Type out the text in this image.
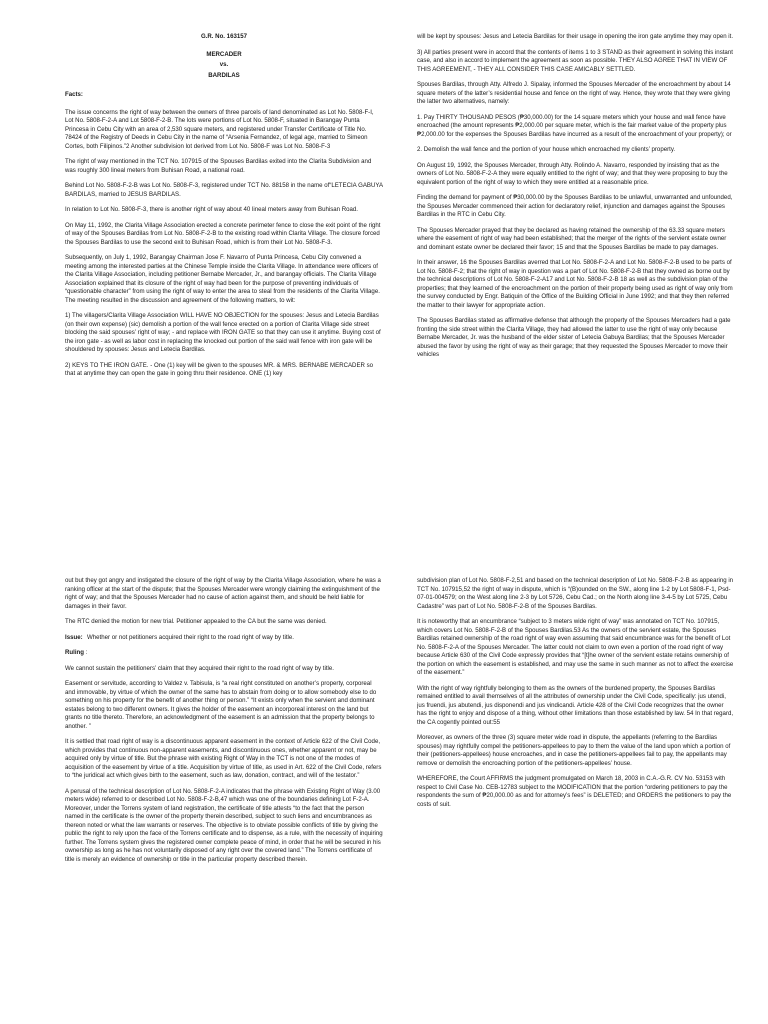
G.R. No. 163157
MERCADER
vs.
BARDILAS

Facts:

The issue concerns the right of way between the owners of three parcels of land denominated as Lot No. 5808-F-I, Lot No. 5808-F-2-A and Lot 5808-F-2-B. The lots were portions of Lot No. 5808-F, situated in Barangay Punta Princesa in Cebu City with an area of 2,530 square meters, and registered under Transfer Certificate of Title No. 78424 of the Registry of Deeds in Cebu City in the name of “Arsenia Fernandez, of legal age, married to Simeon Cortes, both Filipinos.”2 Another subdivision lot derived from Lot No. 5808-F was Lot No. 5808-F-3

The right of way mentioned in the TCT No. 107915 of the Spouses Bardilas exited into the Clarita Subdivision and was roughly 300 lineal meters from Buhisan Road, a national road.

Behind Lot No. 5808-F-2-B was Lot No. 5808-F-3, registered under TCT No. 88158 in the name of“LETECIA GABUYA BARDILAS, married to JESUS BARDILAS.

In relation to Lot No. 5808-F-3, there is another right of way about 40 lineal meters away from Buhisan Road.

On May 11, 1992, the Clarita Village Association erected a concrete perimeter fence to close the exit point of the right of way of the Spouses Bardilas from Lot No. 5808-F-2-B to the existing road within Clarita Village. The closure forced the Spouses Bardilas to use the second exit to Buhisan Road, which is from their Lot No. 5808-F-3.

Subsequently, on July 1, 1992, Barangay Chairman Jose F. Navarro of Punta Princesa, Cebu City convened a meeting among the interested parties at the Chinese Temple inside the Clarita Village. In attendance were officers of the Clarita Village Association, including petitioner Bernabe Mercader, Jr., and barangay officials. The Clarita Village Association explained that its closure of the right of way had been for the purpose of preventing individuals of “questionable character” from using the right of way to enter the area to steal from the residents of the Clarita Village. The meeting resulted in the discussion and agreement of the following matters, to wit:

1) The villagers/Clarita Village Association WILL HAVE NO OBJECTION for the spouses: Jesus and Letecia Bardilas (on their own expense) (sic) demolish a portion of the wall fence erected on a portion of Clarita Village side street blocking the said spouses’ right of way; - and replace with IRON GATE so that they can use it anytime. Buying cost of the iron gate - as well as labor cost in replacing the knocked out portion of the said wall fence with iron gate will be shouldered by spouses: Jesus and Letecia Bardilas.

2) KEYS TO THE IRON GATE. - One (1) key will be given to the spouses MR. & MRS. BERNABE MERCADER so that at anytime they can open the gate in going thru their residence. ONE (1) key

will be kept by spouses: Jesus and Letecia Bardilas for their usage in opening the iron gate anytime they may open it.

3) All parties present were in accord that the contents of items 1 to 3 STAND as their agreement in solving this instant case, and also in accord to implement the agreement as soon as possible. THEY ALSO AGREE THAT IN VIEW OF THIS AGREEMENT, - THEY ALL CONSIDER THIS CASE AMICABLY SETTLED.

Spouses Bardilas, through Atty. Alfredo J. Sipalay, informed the Spouses Mercader of the encroachment by about 14 square meters of the latter’s residential house and fence on the right of way. Hence, they wrote that they were giving the latter two alternatives, namely:

1. Pay THIRTY THOUSAND PESOS (₱30,000.00) for the 14 square meters which your house and wall fence have encroached (the amount represents ₱2,000.00 per square meter, which is the fair market value of the property plus ₱2,000.00 for the expenses the Spouses Bardilas have incurred as a result of the encroachment of your property); or

2. Demolish the wall fence and the portion of your house which encroached my clients’ property.

On August 19, 1992, the Spouses Mercader, through Atty. Rolindo A. Navarro, responded by insisting that as the owners of Lot No. 5808-F-2-A they were equally entitled to the right of way; and that they were proposing to buy the equivalent portion of the right of way to which they were entitled at a reasonable price.

Finding the demand for payment of ₱30,000.00 by the Spouses Bardilas to be unlawful, unwarranted and unfounded, the Spouses Mercader commenced their action for declaratory relief, injunction and damages against the Spouses Bardilas in the RTC in Cebu City.

The Spouses Mercader prayed that they be declared as having retained the ownership of the 63.33 square meters where the easement of right of way had been established; that the merger of the rights of the servient estate owner and dominant estate owner be declared their favor; 15 and that the Spouses Bardilas be made to pay damages.

In their answer, 16 the Spouses Bardilas averred that Lot No. 5808-F-2-A and Lot No. 5808-F-2-B used to be parts of Lot No. 5808-F-2; that the right of way in question was a part of Lot No. 5808-F-2-B that they owned as borne out by the technical descriptions of Lot No. 5808-F-2-A17 and Lot No. 5808-F-2-B 18 as well as the subdivision plan of the properties; that they learned of the encroachment on the portion of their property being used as right of way only from the survey conducted by Engr. Batiquin of the Office of the Building Official in June 1992; and that they then referred the matter to their lawyer for appropriate action.

The Spouses Bardilas stated as affirmative defense that although the property of the Spouses Mercaders had a gate fronting the side street within the Clarita Village, they had allowed the latter to use the right of way only because Bernabe Mercader, Jr. was the husband of the elder sister of Letecia Gabuya Bardilas; that the Spouses Mercader abused the favor by using the right of way as their garage; that they requested the Spouses Mercader to move their vehicles

out but they got angry and instigated the closure of the right of way by the Clarita Village Association, where he was a ranking officer at the start of the dispute; that the Spouses Mercader were wrongly claiming the extinguishment of the right of way; and that the Spouses Mercader had no cause of action against them, and should be held liable for damages in their favor.

The RTC denied the motion for new trial. Petitioner appealed to the CA but the same was denied.

Issue: Whether or not petitioners acquired their right to the road right of way by title.

Ruling :

We cannot sustain the petitioners’ claim that they acquired their right to the road right of way by title.

Easement or servitude, according to Valdez v. Tabisula, is “a real right constituted on another’s property, corporeal and immovable, by virtue of which the owner of the same has to abstain from doing or to allow somebody else to do something on his property for the benefit of another thing or person.” “It exists only when the servient and dominant estates belong to two different owners. It gives the holder of the easement an incorporeal interest on the land but grants no title thereto. Therefore, an acknowledgment of the easement is an admission that the property belongs to another. ”

It is settled that road right of way is a discontinuous apparent easement in the context of Article 622 of the Civil Code, which provides that continuous non-apparent easements, and discontinuous ones, whether apparent or not, may be acquired only by virtue of title. But the phrase with existing Right of Way in the TCT is not one of the modes of acquisition of the easement by virtue of a title. Acquisition by virtue of title, as used in Art. 622 of the Civil Code, refers to “the juridical act which gives birth to the easement, such as law, donation, contract, and will of the testator.”

A perusal of the technical description of Lot No. 5808-F-2-A indicates that the phrase with Existing Right of Way (3.00 meters wide) referred to or described Lot No. 5808-F-2-B,47 which was one of the boundaries defining Lot F-2-A. Moreover, under the Torrens system of land registration, the certificate of title attests “to the fact that the person named in the certificate is the owner of the property therein described, subject to such liens and encumbrances as thereon noted or what the law warrants or reserves. The objective is to obviate possible conflicts of title by giving the public the right to rely upon the face of the Torrens certificate and to dispense, as a rule, with the necessity of inquiring further. The Torrens system gives the registered owner complete peace of mind, in order that he will be secured in his ownership as long as he has not voluntarily disposed of any right over the covered land.” The Torrens certificate of title is merely an evidence of ownership or title in the particular property described therein.

subdivision plan of Lot No. 5808-F-2,51 and based on the technical description of Lot No. 5808-F-2-B as appearing in TCT No. 107915,52 the right of way in dispute, which is “(B)ounded on the SW., along line 1-2 by Lot 5808-F-1, Psd-07-01-004579; on the West along line 2-3 by Lot 5726, Cebu Cad.; on the North along line 3-4-5 by Lot 5725, Cebu Cadastre” was part of Lot No. 5808-F-2-B of the Spouses Bardilas.

It is noteworthy that an encumbrance “subject to 3 meters wide right of way” was annotated on TCT No. 107915, which covers Lot No. 5808-F-2-B of the Spouses Bardilas.53 As the owners of the servient estate, the Spouses Bardilas retained ownership of the road right of way even assuming that said encumbrance was for the benefit of Lot No. 5808-F-2-A of the Spouses Mercader. The latter could not claim to own even a portion of the road right of way because Article 630 of the Civil Code expressly provides that “[t]he owner of the servient estate retains ownership of the portion on which the easement is established, and may use the same in such manner as not to affect the exercise of the easement.”

With the right of way rightfully belonging to them as the owners of the burdened property, the Spouses Bardilas remained entitled to avail themselves of all the attributes of ownership under the Civil Code, specifically: jus utendi, jus fruendi, jus abutendi, jus disponendi and jus vindicandi. Article 428 of the Civil Code recognizes that the owner has the right to enjoy and dispose of a thing, without other limitations than those established by law. 54 In that regard, the CA cogently pointed out:55

Moreover, as owners of the three (3) square meter wide road in dispute, the appellants (referring to the Bardilas spouses) may rightfully compel the petitioners-appellees to pay to them the value of the land upon which a portion of their (petitioners-appellees) house encroaches, and in case the petitioners-appellees fail to pay, the appellants may remove or demolish the encroaching portion of the petitioners-appellees’ house.

WHEREFORE, the Court AFFIRMS the judgment promulgated on March 18, 2003 in C.A.-G.R. CV No. 53153 with respect to Civil Case No. CEB-12783 subject to the MODIFICATION that the portion “ordering petitioners to pay the respondents the sum of ₱20,000.00 as and for attorney’s fees” is DELETED; and ORDERS the petitioners to pay the costs of suit.
